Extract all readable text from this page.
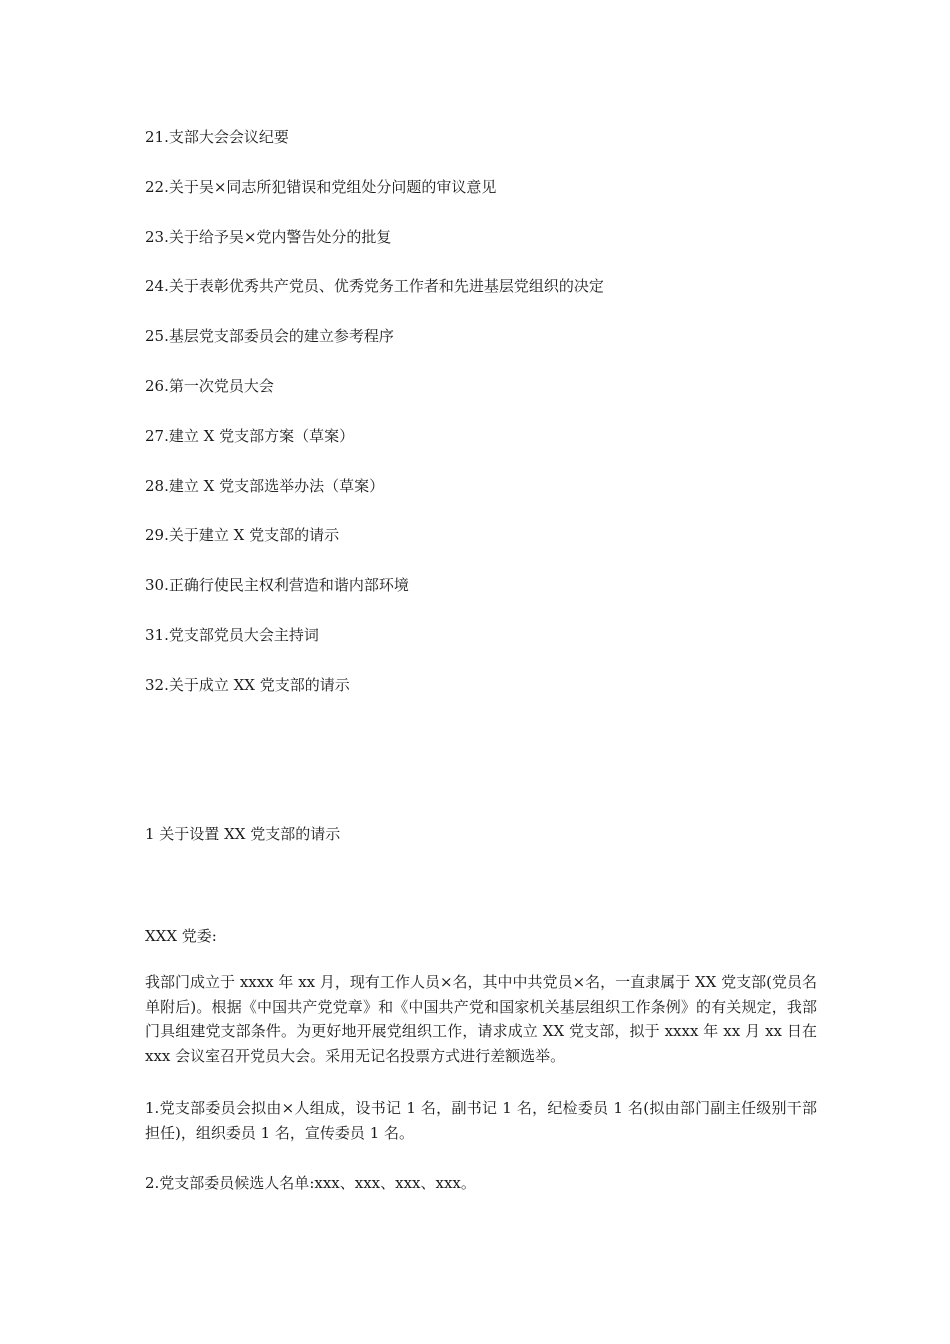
21.支部大会会议纪要
22.关于吴×同志所犯错误和党组处分问题的审议意见
23.关于给予吴×党内警告处分的批复
24.关于表彰优秀共产党员、优秀党务工作者和先进基层党组织的决定
25.基层党支部委员会的建立参考程序
26.第一次党员大会
27.建立 X 党支部方案（草案）
28.建立 X 党支部选举办法（草案）
29.关于建立 X 党支部的请示
30.正确行使民主权利营造和谐内部环境
31.党支部党员大会主持词
32.关于成立 XX 党支部的请示
1 关于设置 XX 党支部的请示
XXX 党委:

我部门成立于 xxxx 年 xx 月，现有工作人员×名，其中中共党员×名，一直隶属于 XX 党支部(党员名单附后)。根据《中国共产党党章》和《中国共产党和国家机关基层组织工作条例》的有关规定，我部门具组建党支部条件。为更好地开展党组织工作，请求成立 XX 党支部，拟于 xxxx 年 xx 月 xx 日在 xxx 会议室召开党员大会。采用无记名投票方式进行差额选举。

1.党支部委员会拟由×人组成，设书记 1 名，副书记 1 名，纪检委员 1 名(拟由部门副主任级别干部担任)，组织委员 1 名，宣传委员 1 名。

2.党支部委员候选人名单:xxx、xxx、xxx、xxx。
